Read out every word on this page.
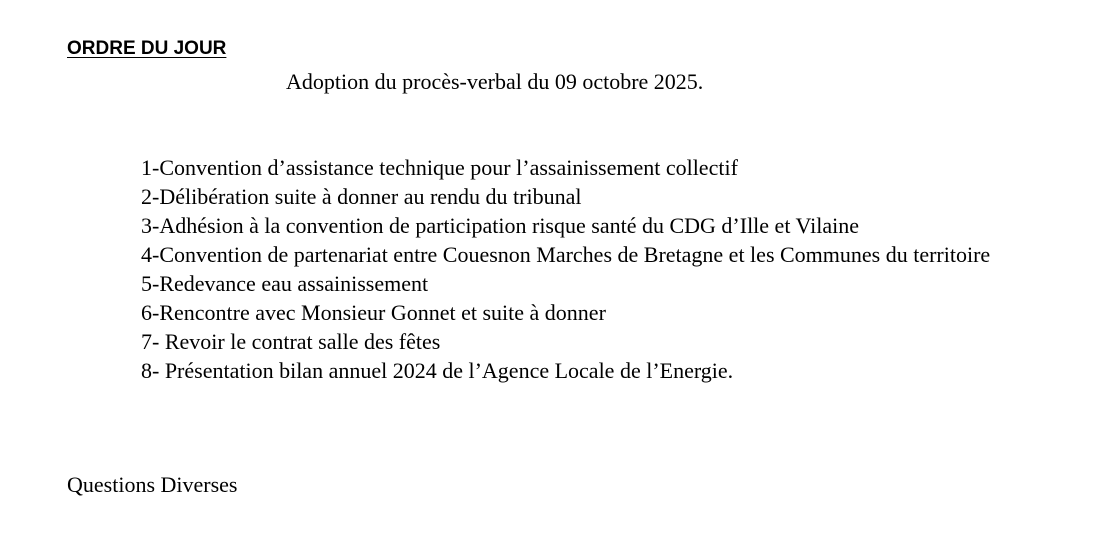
ORDRE DU JOUR

Adoption du procès-verbal du 09 octobre 2025.

1-Convention d’assistance technique pour l’assainissement collectif
2-Délibération suite à donner au rendu du tribunal
3-Adhésion à la convention de participation risque santé du CDG d’Ille et Vilaine
4-Convention de partenariat entre Couesnon Marches de Bretagne et les Communes du territoire
5-Redevance eau assainissement
6-Rencontre avec Monsieur Gonnet et suite à donner
7- Revoir le contrat salle des fêtes
8- Présentation bilan annuel 2024 de l’Agence Locale de l’Energie.

Questions Diverses
